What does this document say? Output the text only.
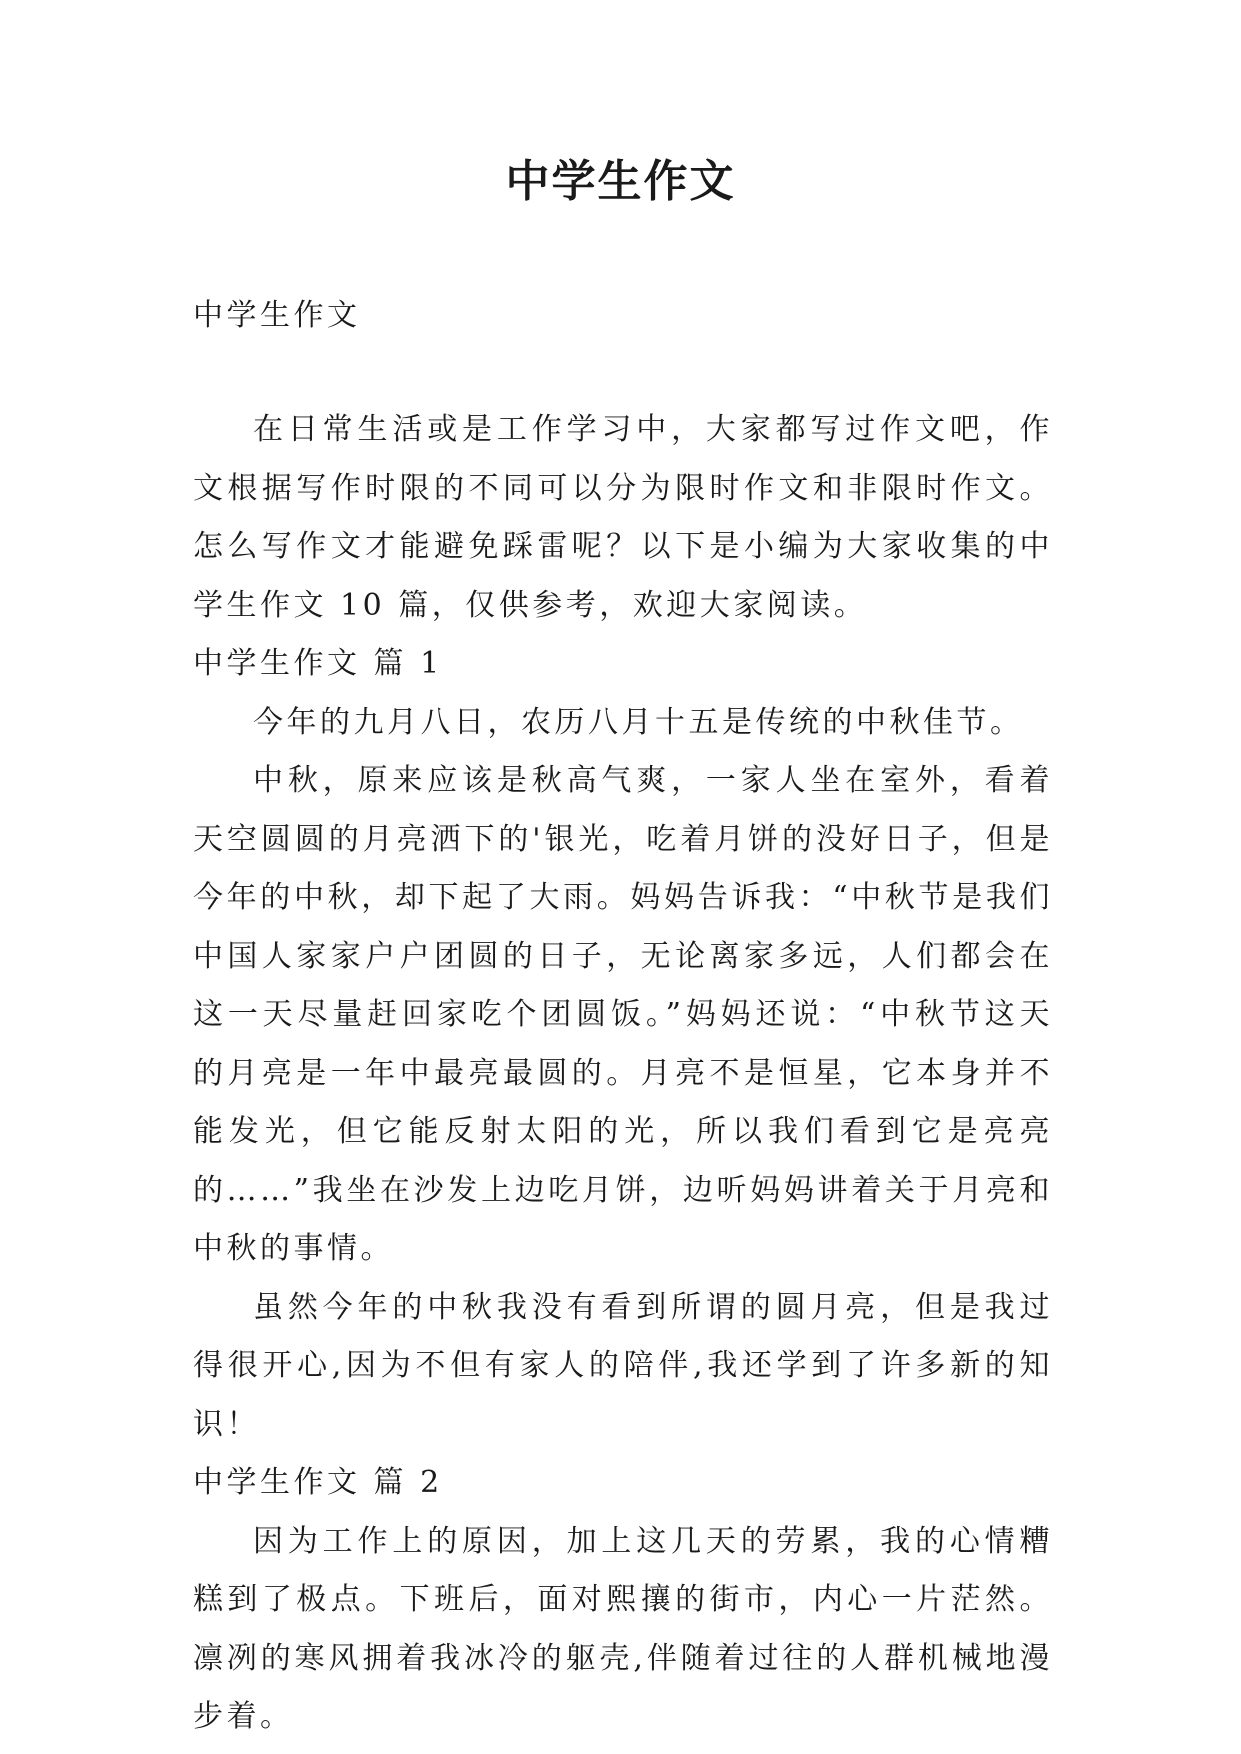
中学生作文
中学生作文

在日常生活或是工作学习中，大家都写过作文吧，作文根据写作时限的不同可以分为限时作文和非限时作文。怎么写作文才能避免踩雷呢？以下是小编为大家收集的中学生作文 10 篇，仅供参考，欢迎大家阅读。

中学生作文 篇 1

今年的九月八日，农历八月十五是传统的中秋佳节。

中秋，原来应该是秋高气爽，一家人坐在室外，看着天空圆圆的月亮洒下的'银光，吃着月饼的没好日子，但是今年的中秋，却下起了大雨。妈妈告诉我：“中秋节是我们中国人家家户户团圆的日子，无论离家多远，人们都会在这一天尽量赶回家吃个团圆饭。”妈妈还说：“中秋节这天的月亮是一年中最亮最圆的。月亮不是恒星，它本身并不能发光，但它能反射太阳的光，所以我们看到它是亮亮的……”我坐在沙发上边吃月饼，边听妈妈讲着关于月亮和中秋的事情。

虽然今年的中秋我没有看到所谓的圆月亮，但是我过得很开心,因为不但有家人的陪伴,我还学到了许多新的知识！

中学生作文 篇 2

因为工作上的原因，加上这几天的劳累，我的心情糟糕到了极点。下班后，面对熙攘的街市，内心一片茫然。凛冽的寒风拥着我冰冷的躯壳,伴随着过往的人群机械地漫步着。
